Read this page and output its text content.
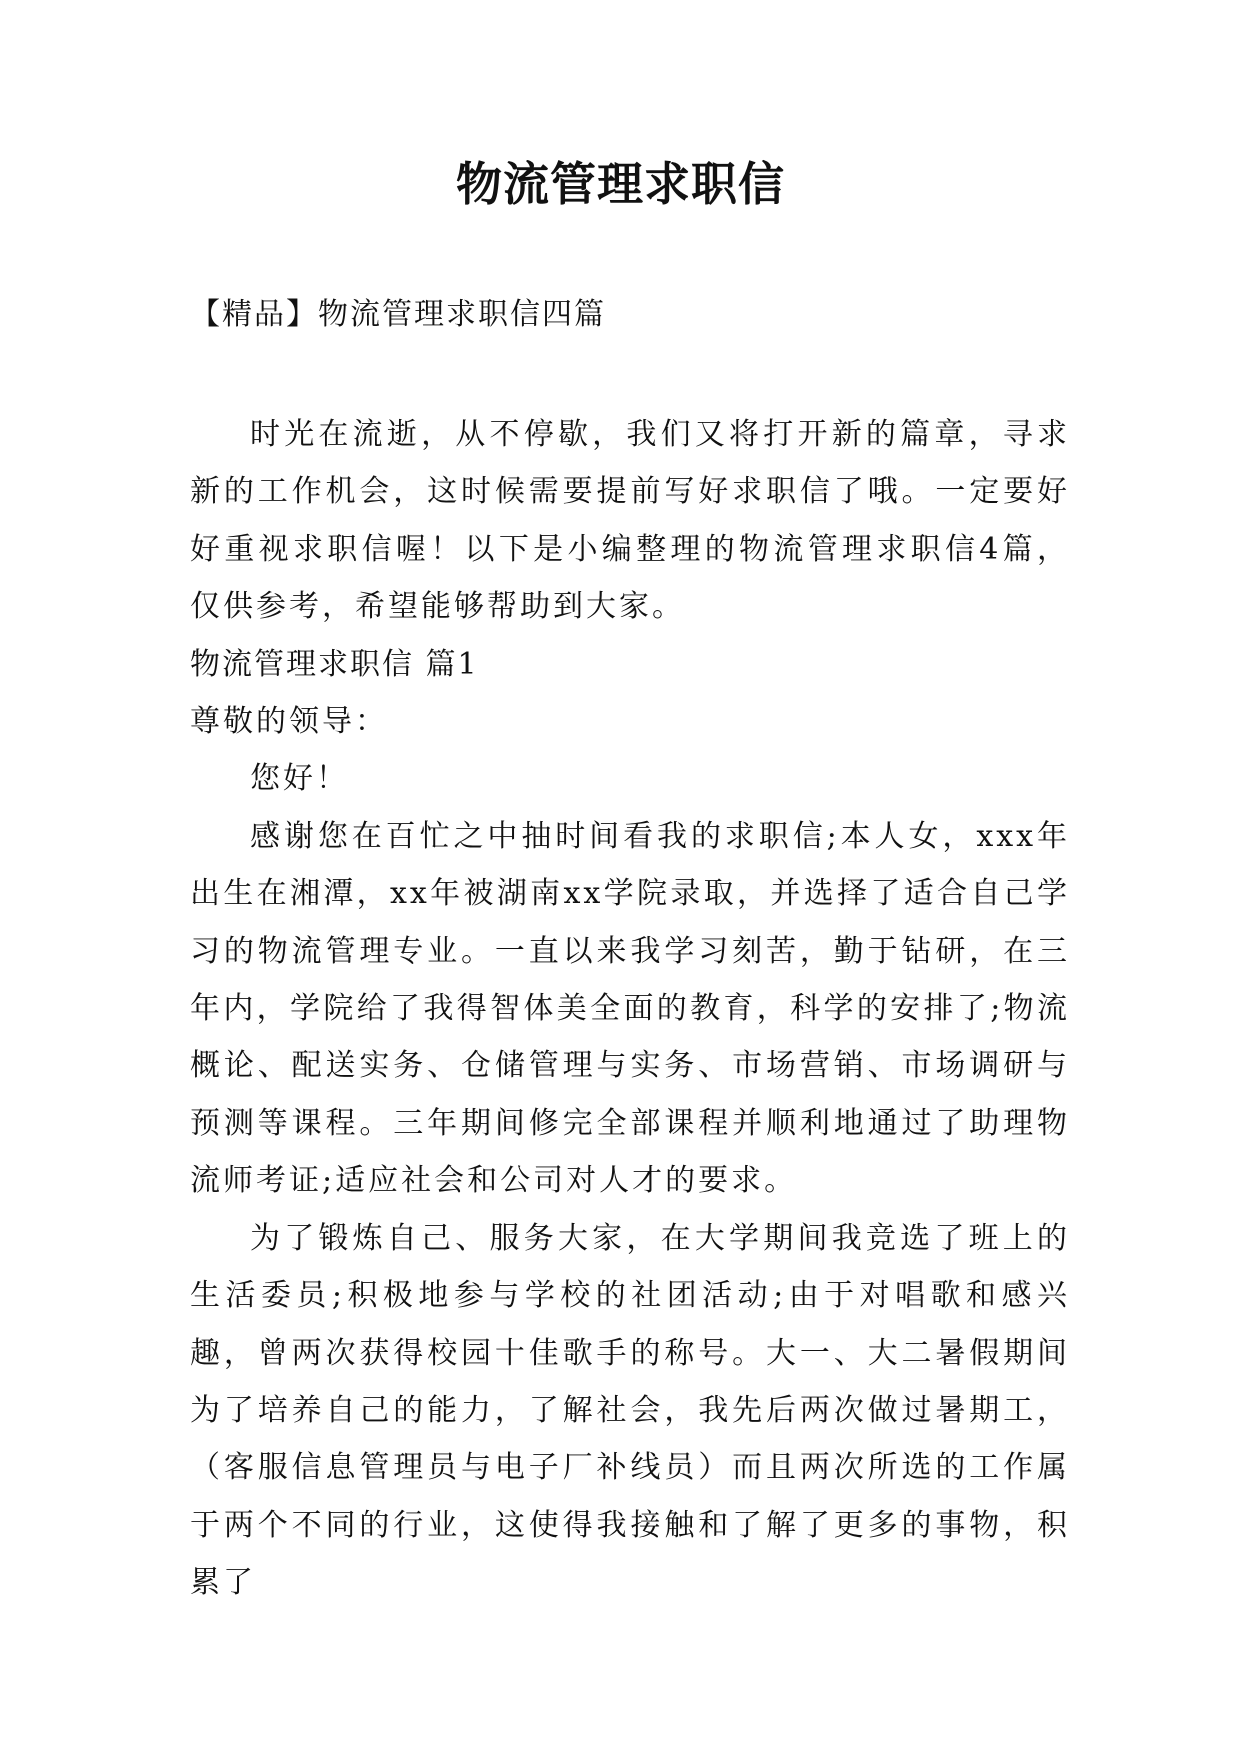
物流管理求职信
【精品】物流管理求职信四篇

时光在流逝，从不停歇，我们又将打开新的篇章，寻求新的工作机会，这时候需要提前写好求职信了哦。一定要好好重视求职信喔！以下是小编整理的物流管理求职信4篇，仅供参考，希望能够帮助到大家。

物流管理求职信 篇1

尊敬的领导：

您好！

感谢您在百忙之中抽时间看我的求职信;本人女，xxx年出生在湘潭，xx年被湖南xx学院录取，并选择了适合自己学习的物流管理专业。一直以来我学习刻苦，勤于钻研，在三年内，学院给了我得智体美全面的教育，科学的安排了;物流概论、配送实务、仓储管理与实务、市场营销、市场调研与预测等课程。三年期间修完全部课程并顺利地通过了助理物流师考证;适应社会和公司对人才的要求。

为了锻炼自己、服务大家，在大学期间我竞选了班上的生活委员;积极地参与学校的社团活动;由于对唱歌和感兴趣，曾两次获得校园十佳歌手的称号。大一、大二暑假期间为了培养自己的能力，了解社会，我先后两次做过暑期工，（客服信息管理员与电子厂补线员）而且两次所选的工作属于两个不同的行业，这使得我接触和了解了更多的事物，积累了
